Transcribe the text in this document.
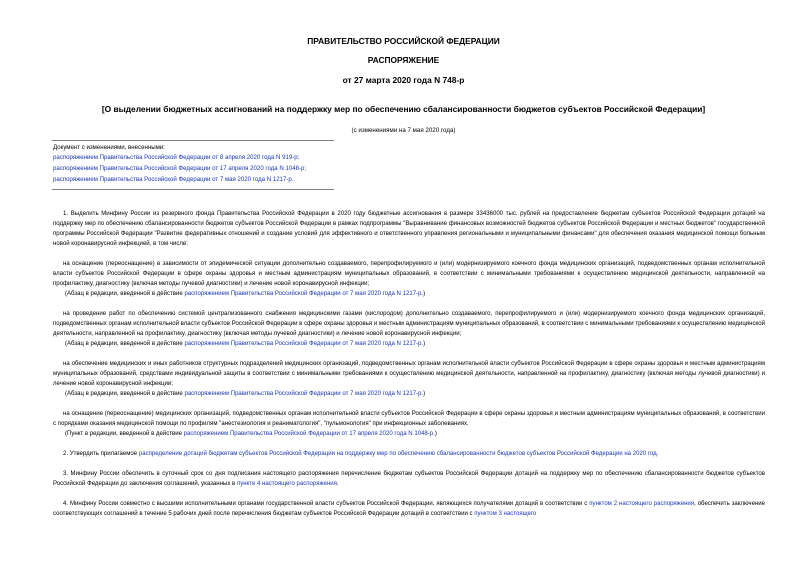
ПРАВИТЕЛЬСТВО РОССИЙСКОЙ ФЕДЕРАЦИИ
РАСПОРЯЖЕНИЕ
от 27 марта 2020 года N 748-р
[О выделении бюджетных ассигнований на поддержку мер по обеспечению сбалансированности бюджетов субъектов Российской Федерации]
(с изменениями на 7 мая 2020 года)
Документ с изменениями, внесенными:
распоряжением Правительства Российской Федерации от 8 апреля 2020 года N 919-р;
распоряжением Правительства Российской Федерации от 17 апреля 2020 года N 1048-р;
распоряжением Правительства Российской Федерации от 7 мая 2020 года N 1217-р.

1. Выделить Минфину России из резервного фонда Правительства Российской Федерации в 2020 году бюджетные ассигнования в размере 33436000 тыс. рублей на предоставление бюджетам субъектов Российской Федерации дотаций на поддержку мер по обеспечению сбалансированности бюджетов субъектов Российской Федерации в рамках подпрограммы "Выравнивание финансовых возможностей бюджетов субъектов Российской Федерации и местных бюджетов" государственной программы Российской Федерации "Развитие федеративных отношений и создание условий для эффективного и ответственного управления региональными и муниципальными финансами" для обеспечения оказания медицинской помощи больным новой коронавирусной инфекцией, в том числе:

на оснащение (переоснащение) в зависимости от эпидемической ситуации дополнительно создаваемого, перепрофилируемого и (или) модернизируемого коечного фонда медицинских организаций, подведомственных органам исполнительной власти субъектов Российской Федерации в сфере охраны здоровья и местным администрациям муниципальных образований, в соответствии с минимальными требованиями к осуществлению медицинской деятельности, направленной на профилактику, диагностику (включая методы лучевой диагностики) и лечение новой коронавирусной инфекции;

(Абзац в редакции, введенной в действие распоряжением Правительства Российской Федерации от 7 мая 2020 года N 1217-р.)

на проведение работ по обеспечению системой централизованного снабжения медицинскими газами (кислородом) дополнительно создаваемого, перепрофилируемого и (или) модернизируемого коечного фонда медицинских организаций, подведомственных органам исполнительной власти субъектов Российской Федерации в сфере охраны здоровья и местным администрациям муниципальных образований, в соответствии с минимальными требованиями к осуществлению медицинской деятельности, направленной на профилактику, диагностику (включая методы лучевой диагностики) и лечение новой коронавирусной инфекции;

(Абзац в редакции, введенной в действие распоряжением Правительства Российской Федерации от 7 мая 2020 года N 1217-р.)

на обеспечение медицинских и иных работников структурных подразделений медицинских организаций, подведомственных органам исполнительной власти субъектов Российской Федерации в сфере охраны здоровья и местным администрациям муниципальных образований, средствами индивидуальной защиты в соответствии с минимальными требованиями к осуществлению медицинской деятельности, направленной на профилактику, диагностику (включая методы лучевой диагностики) и лечение новой коронавирусной инфекции;

(Абзац в редакции, введенной в действие распоряжением Правительства Российской Федерации от 7 мая 2020 года N 1217-р.)

на оснащение (переоснащение) медицинских организаций, подведомственных органам исполнительной власти субъектов Российской Федерации в сфере охраны здоровья и местным администрациям муниципальных образований, в соответствии с порядками оказания медицинской помощи по профилям "анестезиология и реаниматология", "пульмонология" при инфекционных заболеваниях.

(Пункт в редакции, введенной в действие распоряжением Правительства Российской Федерации от 17 апреля 2020 года N 1048-р.)

2. Утвердить прилагаемое распределение дотаций бюджетам субъектов Российской Федерации на поддержку мер по обеспечению сбалансированности бюджетов субъектов Российской Федерации на 2020 год.

3. Минфину России обеспечить в суточный срок со дня подписания настоящего распоряжения перечисление бюджетам субъектов Российской Федерации дотаций на поддержку мер по обеспечению сбалансированности бюджетов субъектов Российской Федерации до заключения соглашений, указанных в пункте 4 настоящего распоряжения.

4. Минфину России совместно с высшими исполнительными органами государственной власти субъектов Российской Федерации, являющихся получателями дотаций в соответствии с пунктом 2 настоящего распоряжения, обеспечить заключение соответствующих соглашений в течение 5 рабочих дней после перечисления бюджетам субъектов Российской Федерации дотаций в соответствии с пунктом 3 настоящего
